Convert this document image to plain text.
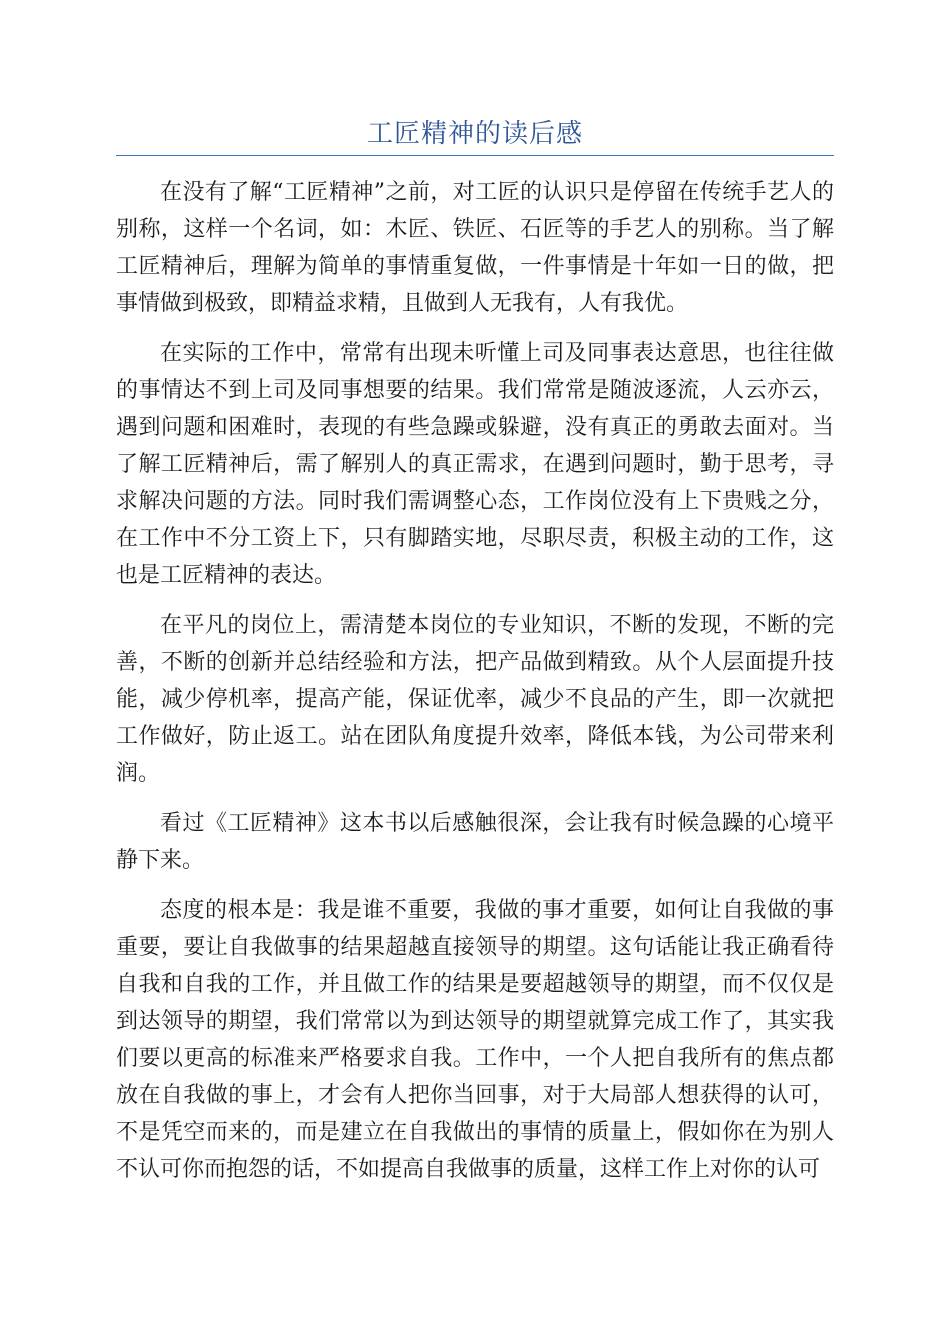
工匠精神的读后感

在没有了解“工匠精神”之前，对工匠的认识只是停留在传统手艺人的别称，这样一个名词，如：木匠、铁匠、石匠等的手艺人的别称。当了解工匠精神后，理解为简单的事情重复做，一件事情是十年如一日的做，把事情做到极致，即精益求精，且做到人无我有，人有我优。

在实际的工作中，常常有出现未听懂上司及同事表达意思，也往往做的事情达不到上司及同事想要的结果。我们常常是随波逐流，人云亦云，遇到问题和困难时，表现的有些急躁或躲避，没有真正的勇敢去面对。当了解工匠精神后，需了解别人的真正需求，在遇到问题时，勤于思考，寻求解决问题的方法。同时我们需调整心态，工作岗位没有上下贵贱之分，在工作中不分工资上下，只有脚踏实地，尽职尽责，积极主动的工作，这也是工匠精神的表达。

在平凡的岗位上，需清楚本岗位的专业知识，不断的发现，不断的完善，不断的创新并总结经验和方法，把产品做到精致。从个人层面提升技能，减少停机率，提高产能，保证优率，减少不良品的产生，即一次就把工作做好，防止返工。站在团队角度提升效率，降低本钱，为公司带来利润。

看过《工匠精神》这本书以后感触很深，会让我有时候急躁的心境平静下来。

态度的根本是：我是谁不重要，我做的事才重要，如何让自我做的事重要，要让自我做事的结果超越直接领导的期望。这句话能让我正确看待自我和自我的工作，并且做工作的结果是要超越领导的期望，而不仅仅是到达领导的期望，我们常常以为到达领导的期望就算完成工作了，其实我们要以更高的标准来严格要求自我。工作中，一个人把自我所有的焦点都放在自我做的事上，才会有人把你当回事，对于大局部人想获得的认可，不是凭空而来的，而是建立在自我做出的事情的质量上，假如你在为别人不认可你而抱怨的话，不如提高自我做事的质量，这样工作上对你的认可
